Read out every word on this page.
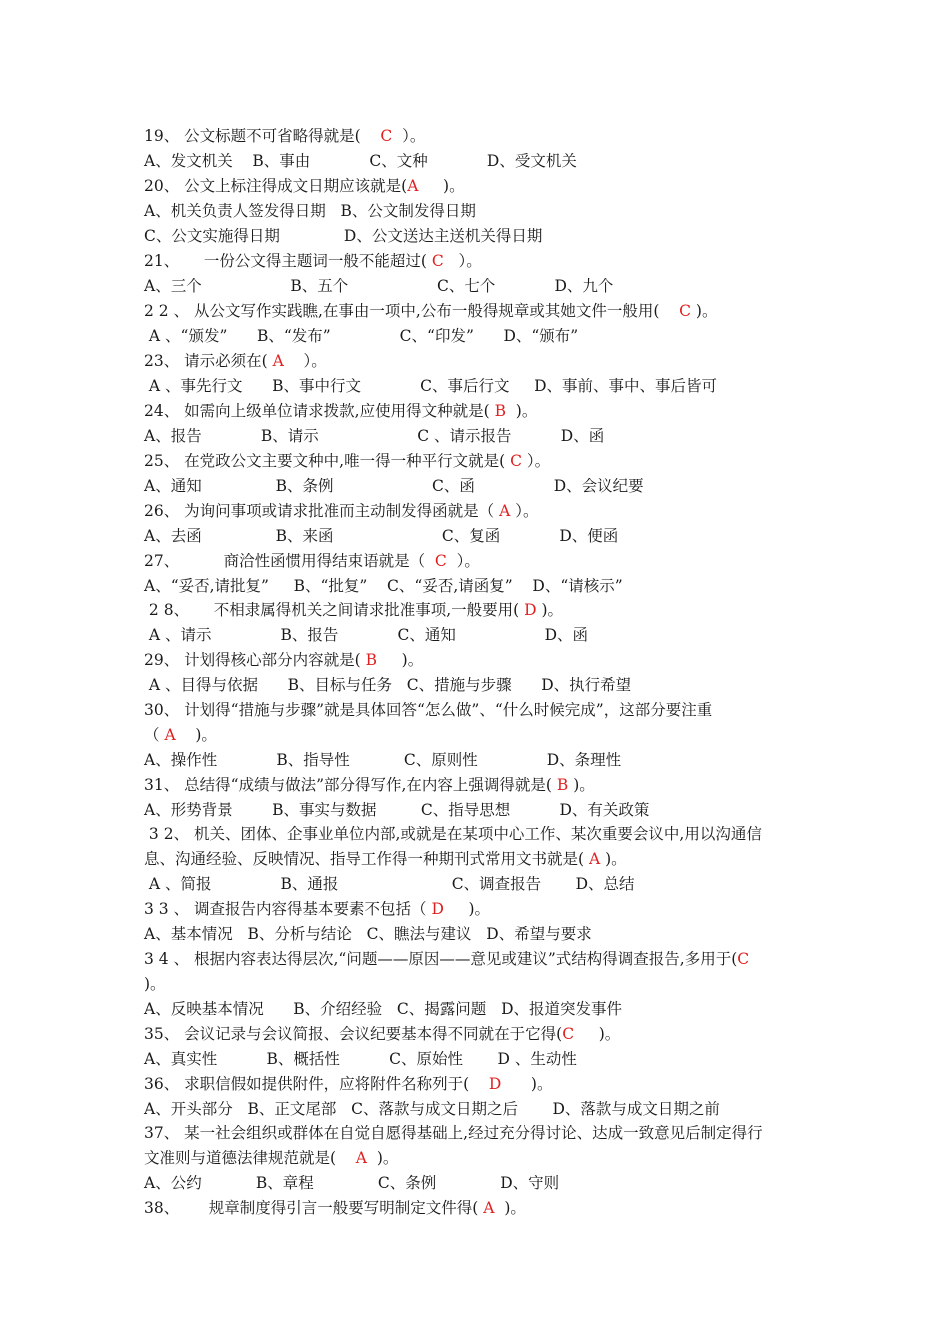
19、 公文标题不可省略得就是(    C  ）。
A、发文机关    B、事由            C、文种            D、受文机关
20、 公文上标注得成文日期应该就是(A     )。
A、机关负责人签发得日期   B、公文制发得日期
C、公文实施得日期             D、公文送达主送机关得日期
21、     一份公文得主题词一般不能超过( C   ）。
A、三个                  B、五个                  C、七个            D、九个
2 2 、 从公文写作实践瞧,在事由一项中,公布一般得规章或其她文件一般用(    C )。
A 、“颁发”      B、“发布”              C、“印发”      D、“颁布”
23、 请示必须在( A    ）。
A 、事先行文      B、事中行文            C、事后行文     D、事前、事中、事后皆可
24、 如需向上级单位请求拨款,应使用得文种就是( B  )。
A、报告            B、请示                    C 、请示报告          D、函
25、 在党政公文主要文种中,唯一得一种平行文就是( C ）。
A、通知               B、条例                    C、函                D、会议纪要
26、 为询问事项或请求批准而主动制发得函就是（ A ）。
A、去函               B、来函                      C、复函            D、便函
27、         商洽性函惯用得结束语就是（  C  ）。
A、“妥否,请批复”     B、“批复”    C、“妥否,请函复”    D、“请核示”
2 8、     不相隶属得机关之间请求批准事项,一般要用( D )。
A 、请示              B、报告            C、通知                  D、函
29、 计划得核心部分内容就是( B     )。
A 、目得与依据      B、目标与任务   C、措施与步骤      D、执行希望
30、 计划得“措施与步骤”就是具体回答“怎么做”、“什么时候完成”，这部分要注重
（ A    )。
A、操作性            B、指导性           C、原则性              D、条理性
31、 总结得“成绩与做法”部分得写作,在内容上强调得就是( B )。
A、形势背景        B、事实与数据         C、指导思想          D、有关政策
3 2、 机关、团体、企事业单位内部,或就是在某项中心工作、某次重要会议中,用以沟通信
息、沟通经验、反映情况、指导工作得一种期刊式常用文书就是( A )。
A 、简报              B、通报                       C、调查报告       D、总结
3 3 、 调查报告内容得基本要素不包括（ D     )。
A、基本情况   B、分析与结论   C、瞧法与建议   D、希望与要求
3 4 、 根据内容表达得层次,“问题——原因——意见或建议”式结构得调查报告,多用于(C
)。
A、反映基本情况      B、介绍经验   C、揭露问题   D、报道突发事件
35、 会议记录与会议简报、会议纪要基本得不同就在于它得(C     )。
A、真实性          B、概括性          C、原始性       D 、生动性
36、 求职信假如提供附件，应将附件名称列于(    D      )。
A、开头部分   B、正文尾部   C、落款与成文日期之后       D、落款与成文日期之前
37、 某一社会组织或群体在自觉自愿得基础上,经过充分得讨论、达成一致意见后制定得行
文准则与道德法律规范就是(    A  )。
A、公约           B、章程             C、条例             D、守则
38、      规章制度得引言一般要写明制定文件得( A  )。
